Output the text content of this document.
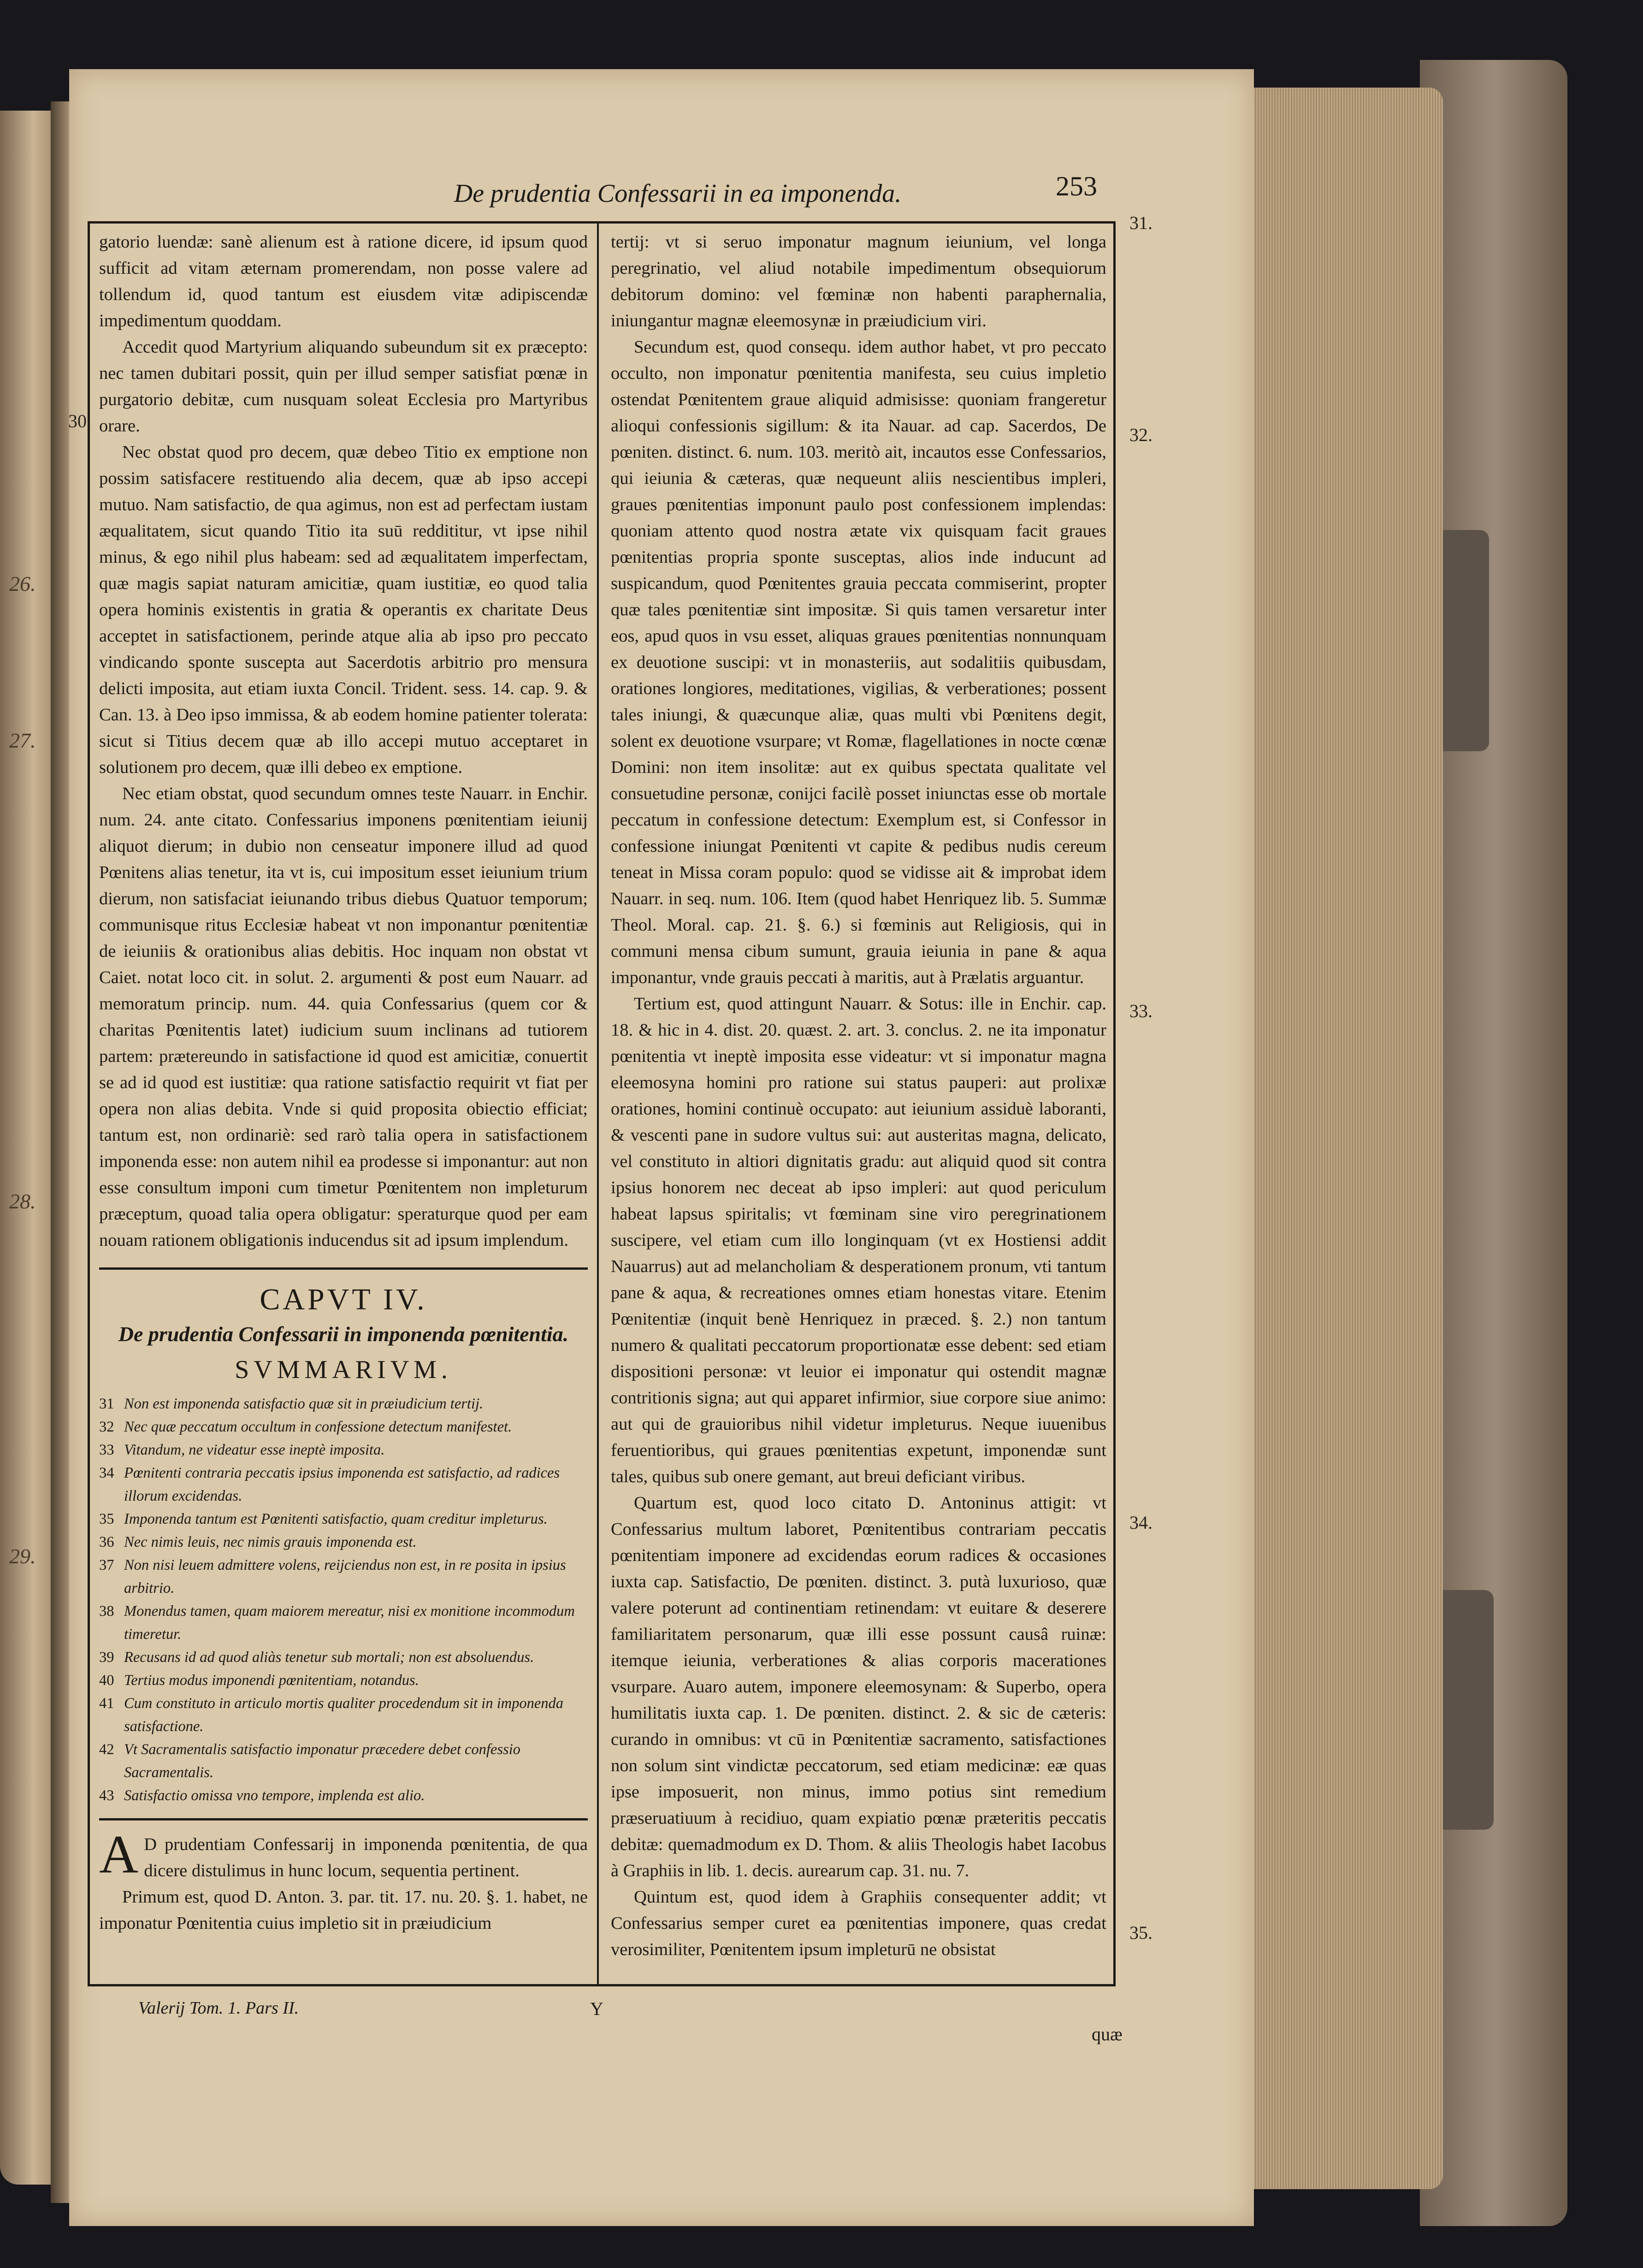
26.
27.
28.
29.
De prudentia Confessarii in ea imponenda.	253

gatorio luendæ: sanè alienum est à ratione dicere, id ipsum quod sufficit ad vitam æternam promerendam, non posse valere ad tollendum id, quod tantum est eiusdem vitæ adipiscendæ impedimentum quoddam.

Accedit quod Martyrium aliquando subeundum sit ex præcepto: nec tamen dubitari possit, quin per illud semper satisfiat pœnæ in purgatorio debitæ, cum nusquam soleat Ecclesia pro Martyribus orare.

Nec obstat quod pro decem, quæ debeo Titio ex emptione non possim satisfacere restituendo alia decem, quæ ab ipso accepi mutuo. Nam satisfactio, de qua agimus, non est ad perfectam iustam æqualitatem, sicut quando Titio ita suū reddititur, vt ipse nihil minus, & ego nihil plus habeam: sed ad æqualitatem imperfectam, quæ magis sapiat naturam amicitiæ, quam iustitiæ, eo quod talia opera hominis existentis in gratia & operantis ex charitate Deus acceptet in satisfactionem, perinde atque alia ab ipso pro peccato vindicando sponte suscepta aut Sacerdotis arbitrio pro mensura delicti imposita, aut etiam iuxta Concil. Trident. sess. 14. cap. 9. & Can. 13. à Deo ipso immissa, & ab eodem homine patienter tolerata: sicut si Titius decem quæ ab illo accepi mutuo acceptaret in solutionem pro decem, quæ illi debeo ex emptione.

Nec etiam obstat, quod secundum omnes teste Nauarr. in Enchir. num. 24. ante citato. Confessarius imponens pœnitentiam ieiunij aliquot dierum; in dubio non censeatur imponere illud ad quod Pœnitens alias tenetur, ita vt is, cui impositum esset ieiunium trium dierum, non satisfaciat ieiunando tribus diebus Quatuor temporum; communisque ritus Ecclesiæ habeat vt non imponantur pœnitentiæ de ieiuniis & orationibus alias debitis. Hoc inquam non obstat vt Caiet. notat loco cit. in solut. 2. argumenti & post eum Nauarr. ad memoratum princip. num. 44. quia Confessarius (quem cor & charitas Pœnitentis latet) iudicium suum inclinans ad tutiorem partem: prætereundo in satisfactione id quod est amicitiæ, conuertit se ad id quod est iustitiæ: qua ratione satisfactio requirit vt fiat per opera non alias debita. Vnde si quid proposita obiectio efficiat; tantum est, non ordinariè: sed rarò talia opera in satisfactionem imponenda esse: non autem nihil ea prodesse si imponantur: aut non esse consultum imponi cum timetur Pœnitentem non impleturum præceptum, quoad talia opera obligatur: speraturque quod per eam nouam rationem obligationis inducendus sit ad ipsum implendum.

CAPVT IV.
De prudentia Confessarii in imponenda pœnitentia.
SVMMARIVM.
31 Non est imponenda satisfactio quæ sit in præiudicium tertij.
32 Nec quæ peccatum occultum in confessione detectum manifestet.
33 Vitandum, ne videatur esse ineptè imposita.
34 Pœnitenti contraria peccatis ipsius imponenda est satisfactio, ad radices illorum excidendas.
35 Imponenda tantum est Pœnitenti satisfactio, quam creditur impleturus.
36 Nec nimis leuis, nec nimis grauis imponenda est.
37 Non nisi leuem admittere volens, reijciendus non est, in re posita in ipsius arbitrio.
38 Monendus tamen, quam maiorem mereatur, nisi ex monitione incommodum timeretur.
39 Recusans id ad quod aliàs tenetur sub mortali; non est absoluendus.
40 Tertius modus imponendi pœnitentiam, notandus.
41 Cum constituto in articulo mortis qualiter procedendum sit in imponenda satisfactione.
42 Vt Sacramentalis satisfactio imponatur præcedere debet confessio Sacramentalis.
43 Satisfactio omissa vno tempore, implenda est alio.

A D prudentiam Confessarij in imponenda pœnitentia, de qua dicere distulimus in hunc locum, sequentia pertinent.

Primum est, quod D. Anton. 3. par. tit. 17. nu. 20. §. 1. habet, ne imponatur Pœnitentia cuius impletio sit in præiudicium

tertij: vt si seruo imponatur magnum ieiunium, vel longa peregrinatio, vel aliud notabile impedimentum obsequiorum debitorum domino: vel fœminæ non habenti paraphernalia, iniungantur magnæ eleemosynæ in præiudicium viri.

Secundum est, quod consequ. idem author habet, vt pro peccato occulto, non imponatur pœnitentia manifesta, seu cuius impletio ostendat Pœnitentem graue aliquid admisisse: quoniam frangeretur alioqui confessionis sigillum: & ita Nauar. ad cap. Sacerdos, De pœniten. distinct. 6. num. 103. meritò ait, incautos esse Confessarios, qui ieiunia & cæteras, quæ nequeunt aliis nescientibus impleri, graues pœnitentias imponunt paulo post confessionem implendas: quoniam attento quod nostra ætate vix quisquam facit graues pœnitentias propria sponte susceptas, alios inde inducunt ad suspicandum, quod Pœnitentes grauia peccata commiserint, propter quæ tales pœnitentiæ sint impositæ. Si quis tamen versaretur inter eos, apud quos in vsu esset, aliquas graues pœnitentias nonnunquam ex deuotione suscipi: vt in monasteriis, aut sodalitiis quibusdam, orationes longiores, meditationes, vigilias, & verberationes; possent tales iniungi, & quæcunque aliæ, quas multi vbi Pœnitens degit, solent ex deuotione vsurpare; vt Romæ, flagellationes in nocte cœnæ Domini: non item insolitæ: aut ex quibus spectata qualitate vel consuetudine personæ, conijci facilè posset iniunctas esse ob mortale peccatum in confessione detectum: Exemplum est, si Confessor in confessione iniungat Pœnitenti vt capite & pedibus nudis cereum teneat in Missa coram populo: quod se vidisse ait & improbat idem Nauarr. in seq. num. 106. Item (quod habet Henriquez lib. 5. Summæ Theol. Moral. cap. 21. §. 6.) si fœminis aut Religiosis, qui in communi mensa cibum sumunt, grauia ieiunia in pane & aqua imponantur, vnde grauis peccati à maritis, aut à Prælatis arguantur.

Tertium est, quod attingunt Nauarr. & Sotus: ille in Enchir. cap. 18. & hic in 4. dist. 20. quæst. 2. art. 3. conclus. 2. ne ita imponatur pœnitentia vt ineptè imposita esse videatur: vt si imponatur magna eleemosyna homini pro ratione sui status pauperi: aut prolixæ orationes, homini continuè occupato: aut ieiunium assiduè laboranti, & vescenti pane in sudore vultus sui: aut austeritas magna, delicato, vel constituto in altiori dignitatis gradu: aut aliquid quod sit contra ipsius honorem nec deceat ab ipso impleri: aut quod periculum habeat lapsus spiritalis; vt fœminam sine viro peregrinationem suscipere, vel etiam cum illo longinquam (vt ex Hostiensi addit Nauarrus) aut ad melancholiam & desperationem pronum, vti tantum pane & aqua, & recreationes omnes etiam honestas vitare. Etenim Pœnitentiæ (inquit benè Henriquez in præced. §. 2.) non tantum numero & qualitati peccatorum proportionatæ esse debent: sed etiam dispositioni personæ: vt leuior ei imponatur qui ostendit magnæ contritionis signa; aut qui apparet infirmior, siue corpore siue animo: aut qui de grauioribus nihil videtur impleturus. Neque iuuenibus feruentioribus, qui graues pœnitentias expetunt, imponendæ sunt tales, quibus sub onere gemant, aut breui deficiant viribus.

Quartum est, quod loco citato D. Antoninus attigit: vt Confessarius multum laboret, Pœnitentibus contrariam peccatis pœnitentiam imponere ad excidendas eorum radices & occasiones iuxta cap. Satisfactio, De pœniten. distinct. 3. putà luxurioso, quæ valere poterunt ad continentiam retinendam: vt euitare & deserere familiaritatem personarum, quæ illi esse possunt causâ ruinæ: itemque ieiunia, verberationes & alias corporis macerationes vsurpare. Auaro autem, imponere eleemosynam: & Superbo, opera humilitatis iuxta cap. 1. De pœniten. distinct. 2. & sic de cæteris: curando in omnibus: vt cū in Pœnitentiæ sacramento, satisfactiones non solum sint vindictæ peccatorum, sed etiam medicinæ: eæ quas ipse imposuerit, non minus, immo potius sint remedium præseruatiuum à recidiuo, quam expiatio pœnæ præteritis peccatis debitæ: quemadmodum ex D. Thom. & aliis Theologis habet Iacobus à Graphiis in lib. 1. decis. aurearum cap. 31. nu. 7.

Quintum est, quod idem à Graphiis consequenter addit; vt Confessarius semper curet ea pœnitentias imponere, quas credat verosimiliter, Pœnitentem ipsum impleturū ne obsistat

30.
31.
32.
33.
34.
35.
Valerij Tom. 1. Pars II.	Y
quæ
